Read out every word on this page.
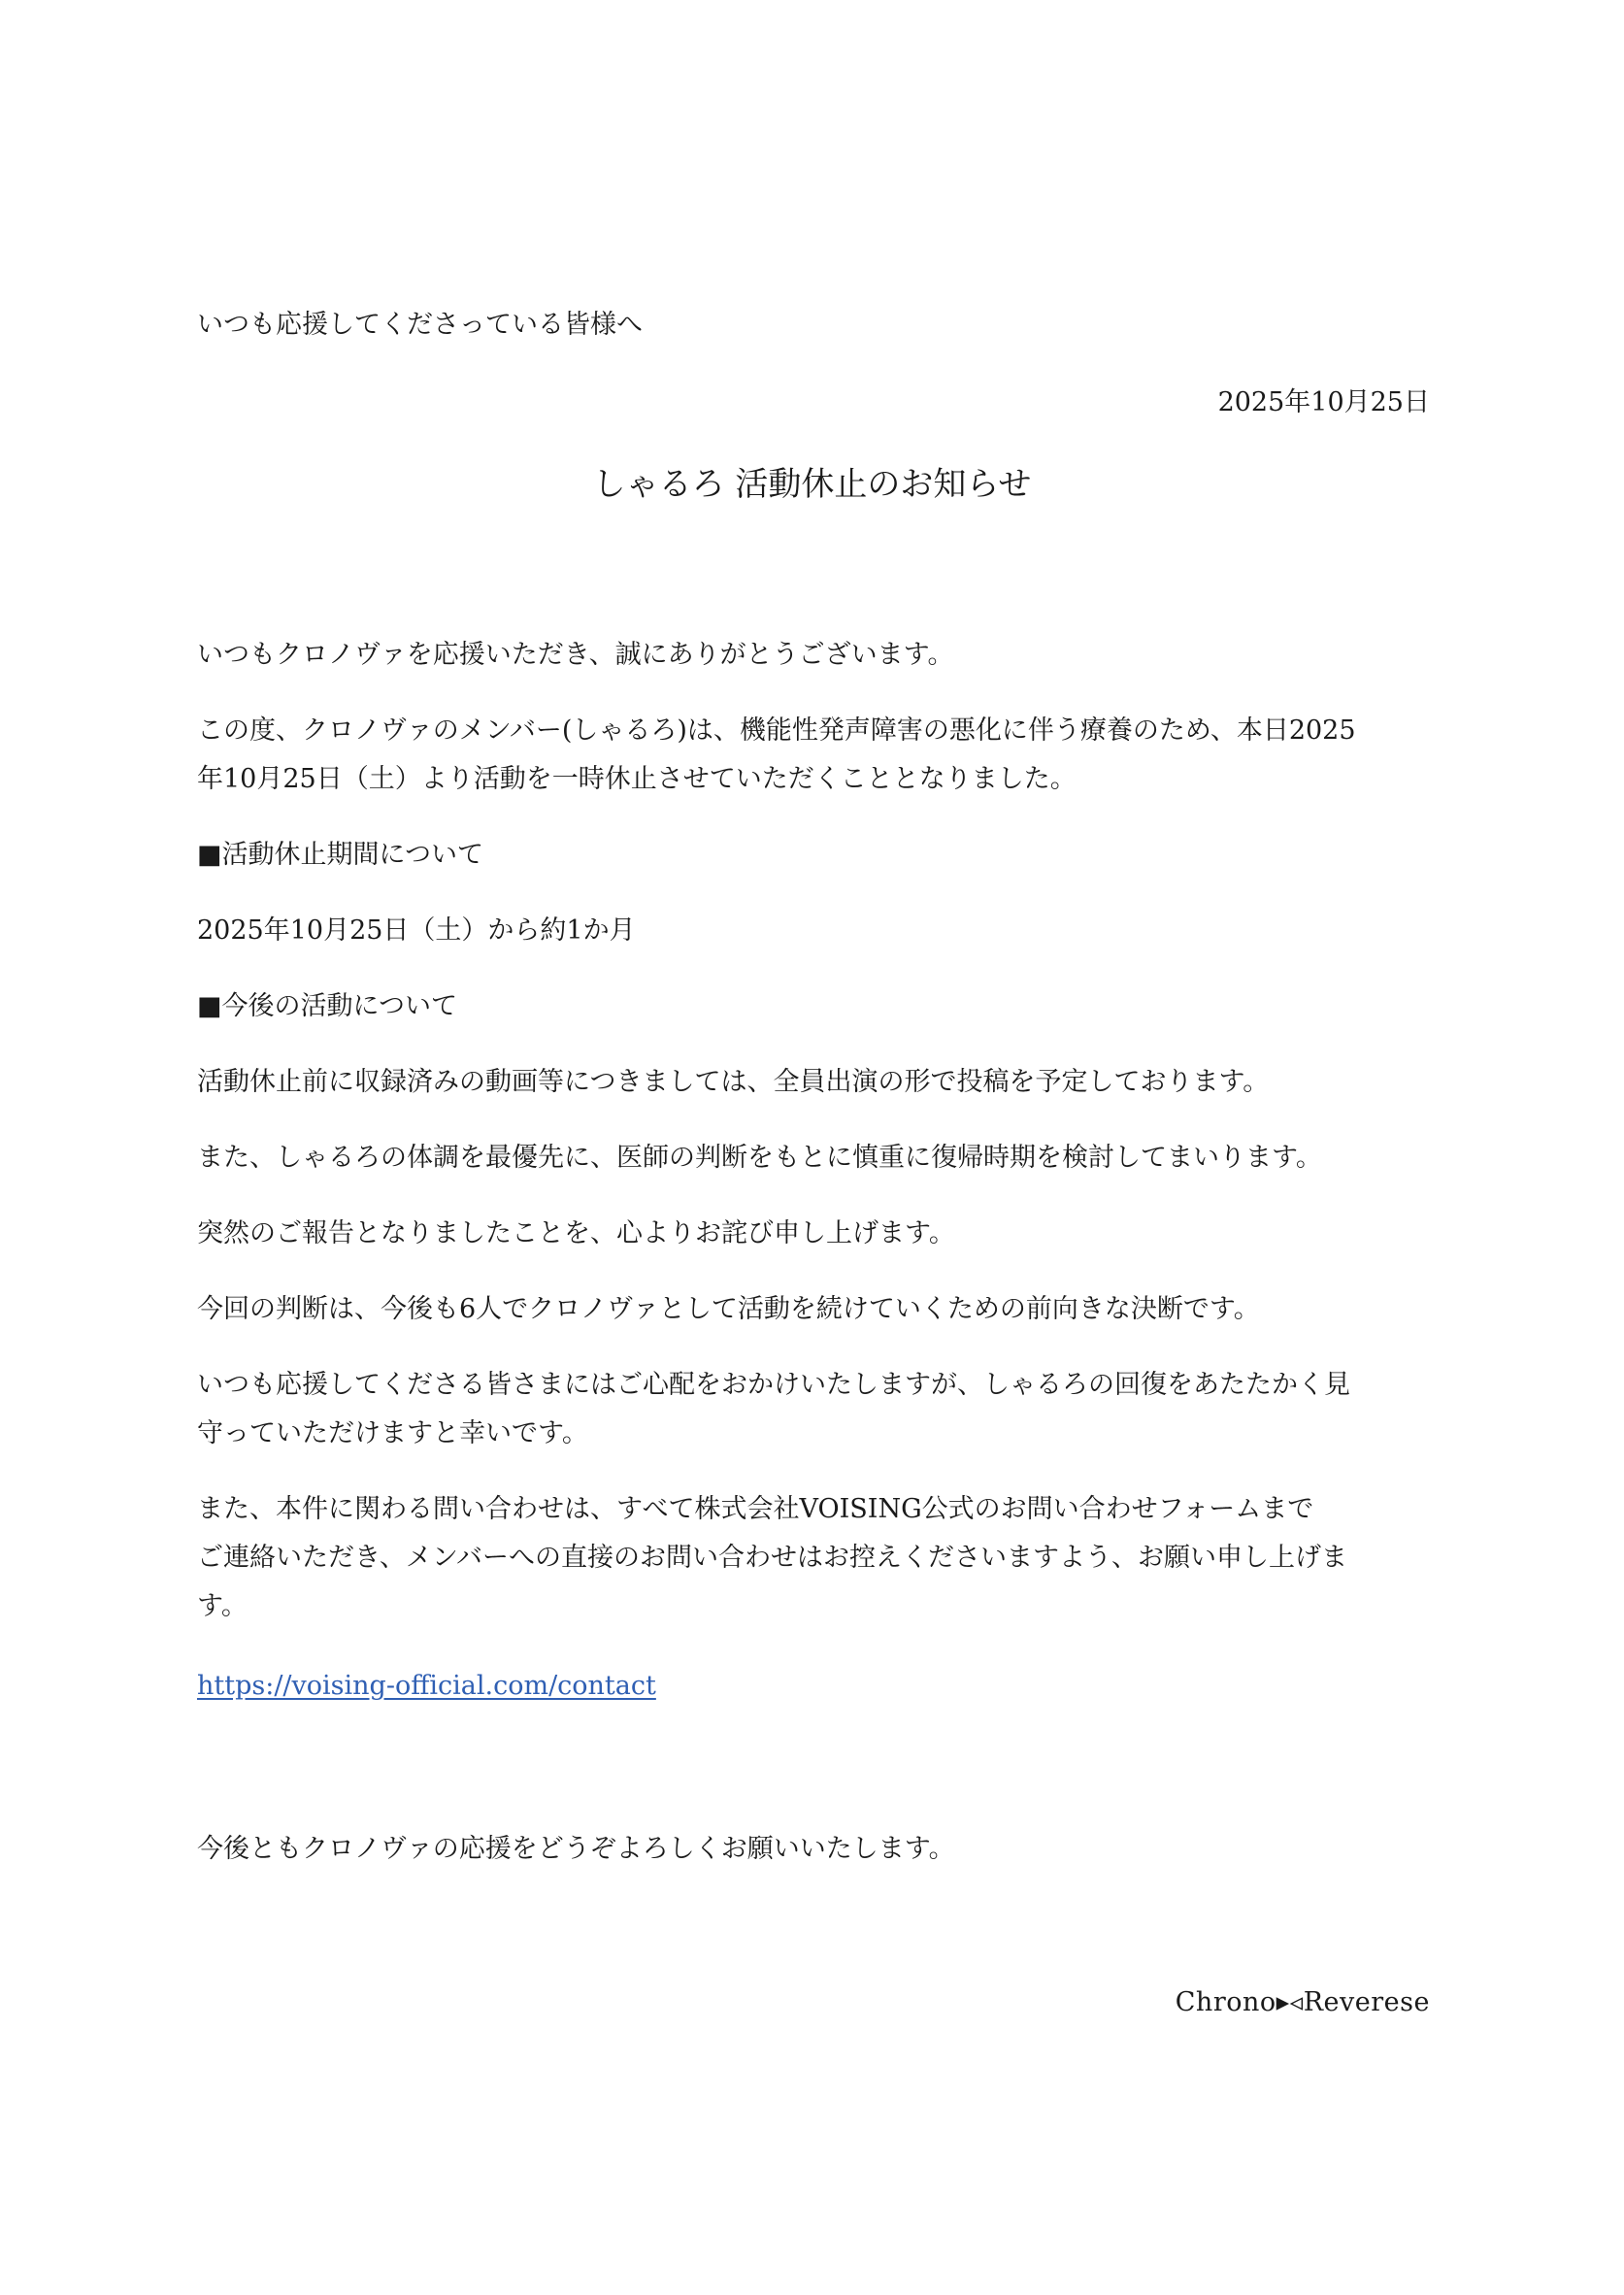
いつも応援してくださっている皆様へ

2025年10月25日

しゃるろ 活動休止のお知らせ

いつもクロノヴァを応援いただき、誠にありがとうございます。

この度、クロノヴァのメンバー(しゃるろ)は、機能性発声障害の悪化に伴う療養のため、本日2025

年10月25日（土）より活動を一時休止させていただくこととなりました。

■活動休止期間について

2025年10月25日（土）から約1か月

■今後の活動について

活動休止前に収録済みの動画等につきましては、全員出演の形で投稿を予定しております。

また、しゃるろの体調を最優先に、医師の判断をもとに慎重に復帰時期を検討してまいります。

突然のご報告となりましたことを、心よりお詫び申し上げます。

今回の判断は、今後も6人でクロノヴァとして活動を続けていくための前向きな決断です。

いつも応援してくださる皆さまにはご心配をおかけいたしますが、しゃるろの回復をあたたかく見

守っていただけますと幸いです。

また、本件に関わる問い合わせは、すべて株式会社VOISING公式のお問い合わせフォームまで

ご連絡いただき、メンバーへの直接のお問い合わせはお控えくださいますよう、お願い申し上げま

す。

https://voising-official.com/contact

今後ともクロノヴァの応援をどうぞよろしくお願いいたします。

Chrono▸◃Reverese
